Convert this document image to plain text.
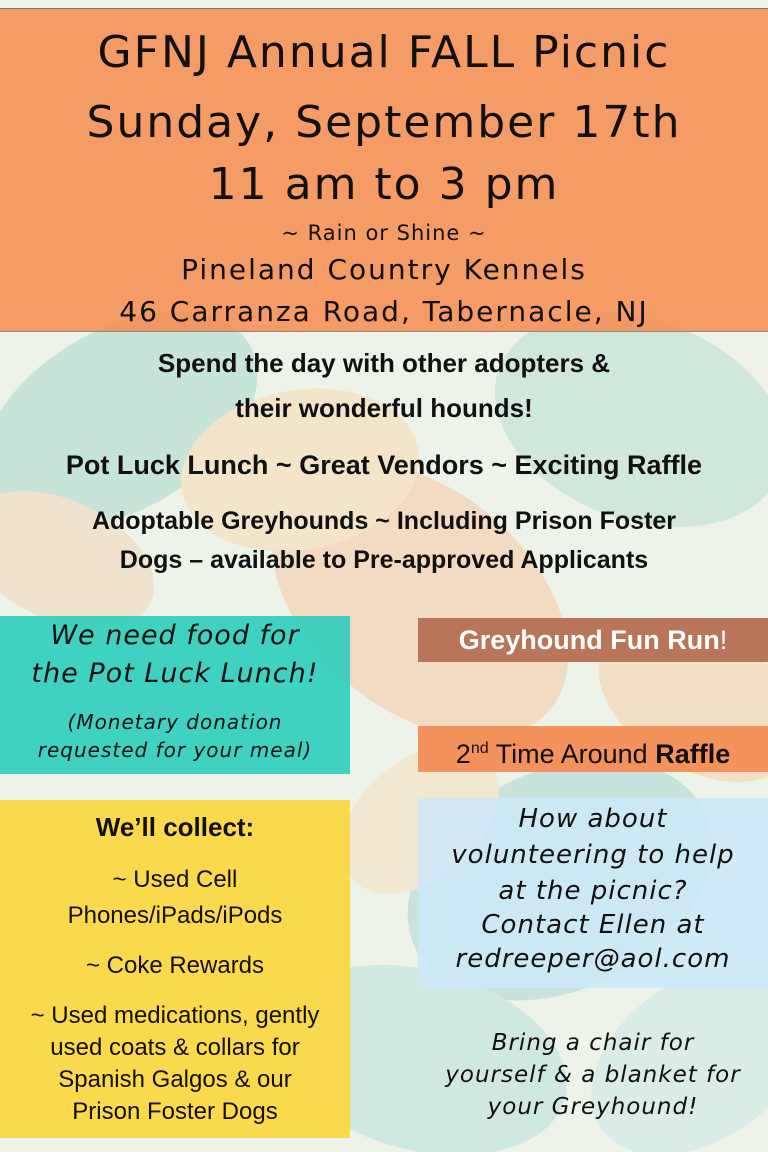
GFNJ Annual FALL Picnic
Sunday, September 17th
11 am to 3 pm
~ Rain or Shine ~
Pineland Country Kennels
46 Carranza Road, Tabernacle, NJ
Spend the day with other adopters &
their wonderful hounds!
Pot Luck Lunch ~ Great Vendors ~ Exciting Raffle
Adoptable Greyhounds ~ Including Prison Foster
Dogs – available to Pre-approved Applicants
We need food for
the Pot Luck Lunch!
(Monetary donation
requested for your meal)
We’ll collect:
~ Used Cell
Phones/iPads/iPods
~ Coke Rewards
~ Used medications, gently
used coats & collars for
Spanish Galgos & our
Prison Foster Dogs
Greyhound Fun Run!
2nd Time Around Raffle
How about
volunteering to help
at the picnic?
Contact Ellen at
redreeper@aol.com
Bring a chair for
yourself & a blanket for
your Greyhound!
